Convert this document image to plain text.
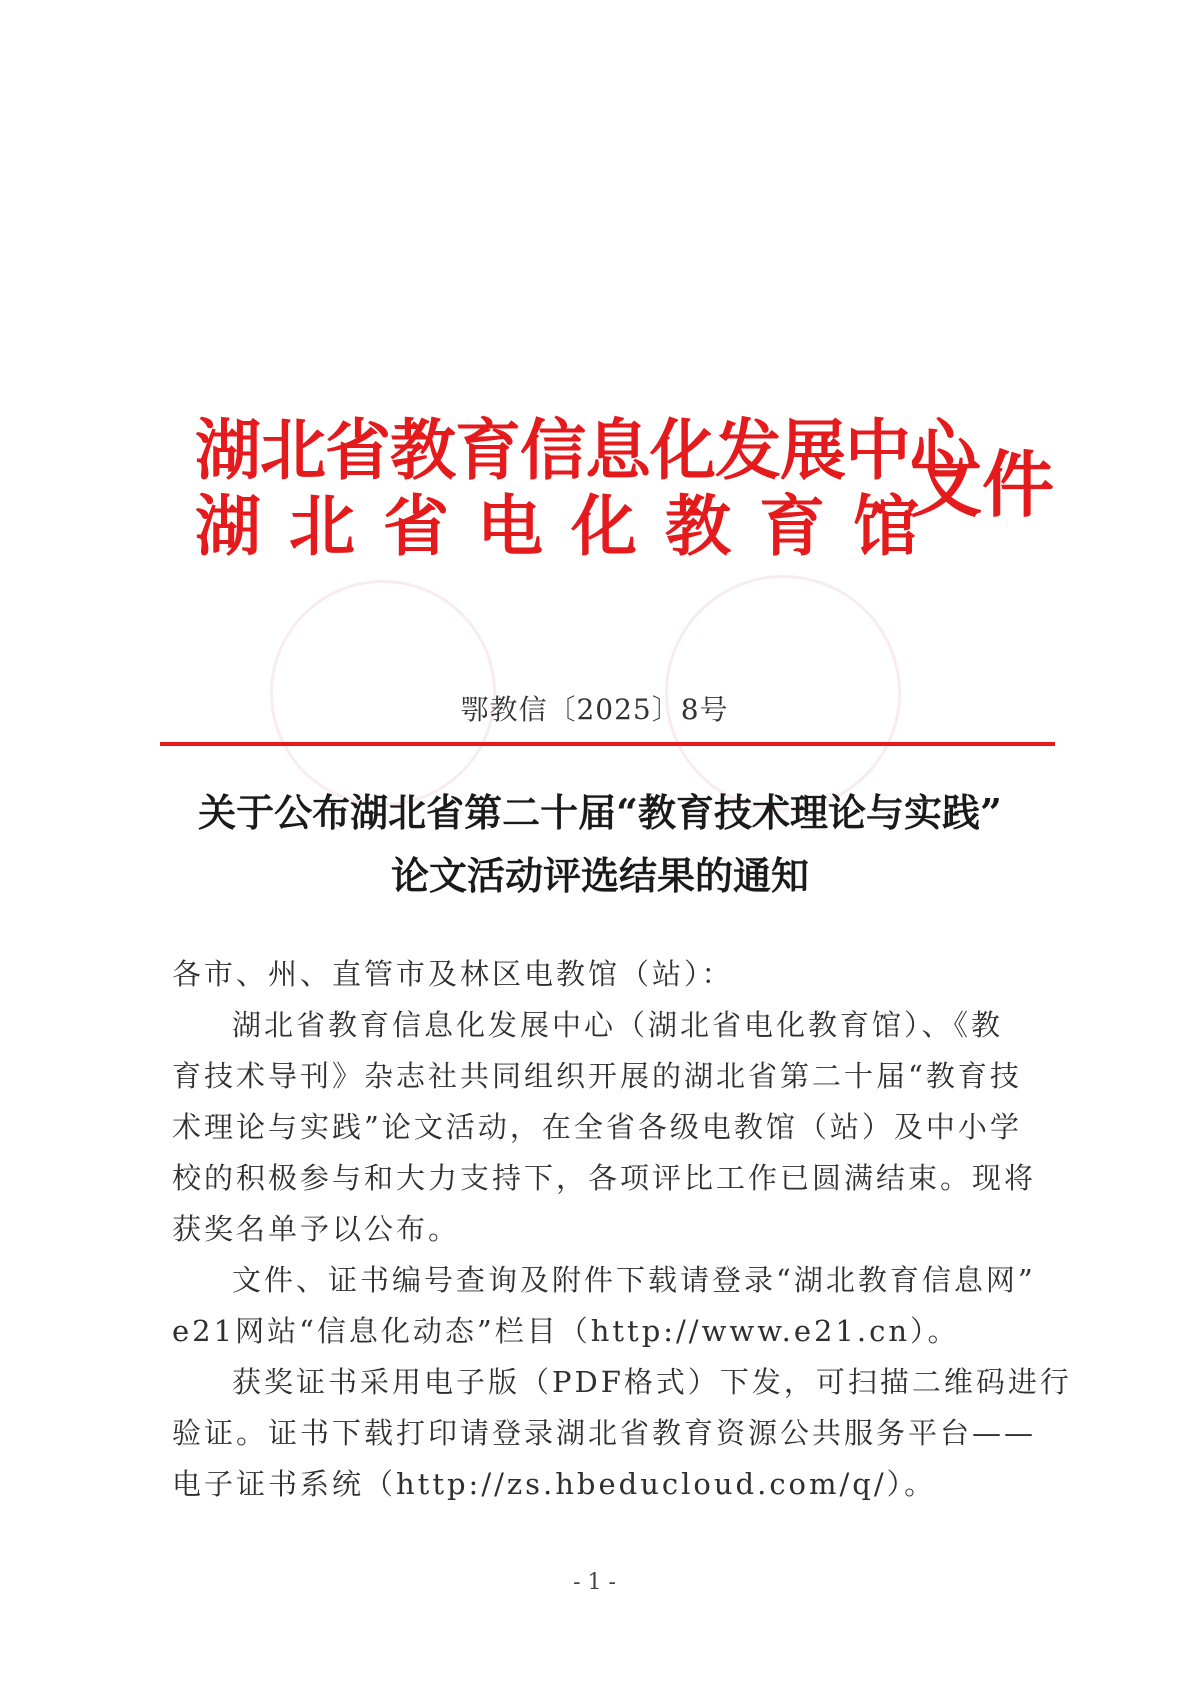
湖北省教育信息化发展中心
湖北省电化教育馆
文件
鄂教信〔2025〕8号
关于公布湖北省第二十届“教育技术理论与实践”
论文活动评选结果的通知
各市、州、直管市及林区电教馆（站）：
湖北省教育信息化发展中心（湖北省电化教育馆）、《教
育技术导刊》杂志社共同组织开展的湖北省第二十届“教育技
术理论与实践”论文活动，在全省各级电教馆（站）及中小学
校的积极参与和大力支持下，各项评比工作已圆满结束。现将
获奖名单予以公布。
文件、证书编号查询及附件下载请登录“湖北教育信息网”
e21网站“信息化动态”栏目（http://www.e21.cn）。
获奖证书采用电子版（PDF格式）下发，可扫描二维码进行
验证。证书下载打印请登录湖北省教育资源公共服务平台——
电子证书系统（http://zs.hbeducloud.com/q/）。
- 1 -
